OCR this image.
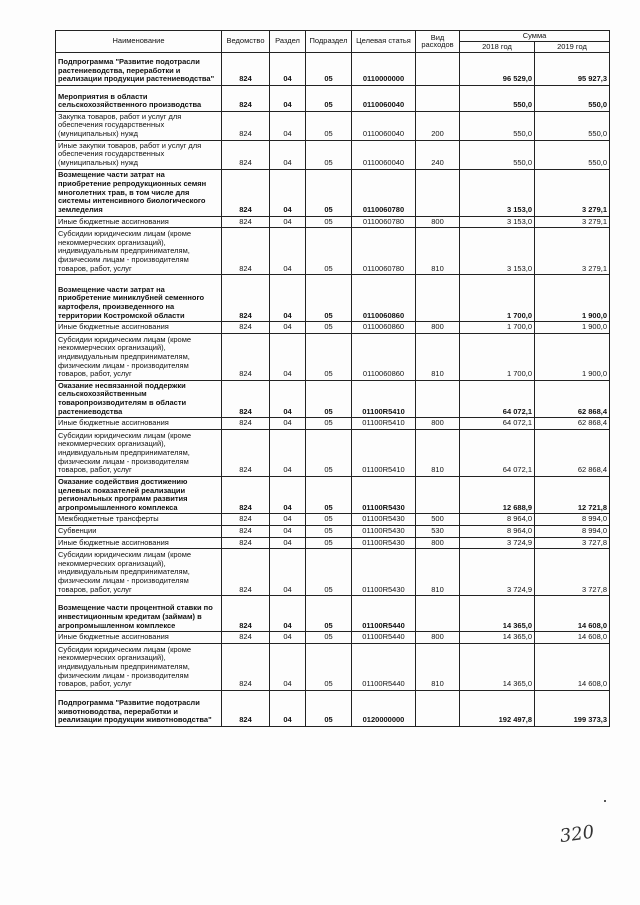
Наименование	Ведомство	Раздел	Подраздел	Целевая статья	Вид расходов	Сумма	
						2018 год	2019 год
Подпрограмма "Развитие подотрасли растениеводства, переработки и реализации продукции растениеводства"	824	04	05	0110000000		96 529,0	95 927,3
Мероприятия в области сельскохозяйственного производства	824	04	05	0110060040		550,0	550,0
Закупка товаров, работ и услуг для обеспечения государственных (муниципальных) нужд	824	04	05	0110060040	200	550,0	550,0
Иные закупки товаров, работ и услуг для обеспечения государственных (муниципальных) нужд	824	04	05	0110060040	240	550,0	550,0
Возмещение части затрат на приобретение репродукционных семян многолетних трав, в том числе для системы интенсивного биологического земледелия	824	04	05	0110060780		3 153,0	3 279,1
Иные бюджетные ассигнования	824	04	05	0110060780	800	3 153,0	3 279,1
Субсидии юридическим лицам (кроме некоммерческих организаций), индивидуальным предпринимателям, физическим лицам - производителям товаров, работ, услуг	824	04	05	0110060780	810	3 153,0	3 279,1
Возмещение части затрат на приобретение миниклубней семенного картофеля, произведенного на территории Костромской области	824	04	05	0110060860		1 700,0	1 900,0
Иные бюджетные ассигнования	824	04	05	0110060860	800	1 700,0	1 900,0
Субсидии юридическим лицам (кроме некоммерческих организаций), индивидуальным предпринимателям, физическим лицам - производителям товаров, работ, услуг	824	04	05	0110060860	810	1 700,0	1 900,0
Оказание несвязанной поддержки сельскохозяйственным товаропроизводителям в области растениеводства	824	04	05	01100R5410		64 072,1	62 868,4
Иные бюджетные ассигнования	824	04	05	01100R5410	800	64 072,1	62 868,4
Субсидии юридическим лицам (кроме некоммерческих организаций), индивидуальным предпринимателям, физическим лицам - производителям товаров, работ, услуг	824	04	05	01100R5410	810	64 072,1	62 868,4
Оказание содействия достижению целевых показателей реализации региональных программ развития агропромышленного комплекса	824	04	05	01100R5430		12 688,9	12 721,8
Межбюджетные трансферты	824	04	05	01100R5430	500	8 964,0	8 994,0
Субвенции	824	04	05	01100R5430	530	8 964,0	8 994,0
Иные бюджетные ассигнования	824	04	05	01100R5430	800	3 724,9	3 727,8
Субсидии юридическим лицам (кроме некоммерческих организаций), индивидуальным предпринимателям, физическим лицам - производителям товаров, работ, услуг	824	04	05	01100R5430	810	3 724,9	3 727,8
Возмещение части процентной ставки по инвестиционным кредитам (займам) в агропромышленном комплексе	824	04	05	01100R5440		14 365,0	14 608,0
Иные бюджетные ассигнования	824	04	05	01100R5440	800	14 365,0	14 608,0
Субсидии юридическим лицам (кроме некоммерческих организаций), индивидуальным предпринимателям, физическим лицам - производителям товаров, работ, услуг	824	04	05	01100R5440	810	14 365,0	14 608,0
Подпрограмма "Развитие подотрасли животноводства, переработки и реализации продукции животноводства"	824	04	05	0120000000		192 497,8	199 373,3
320
